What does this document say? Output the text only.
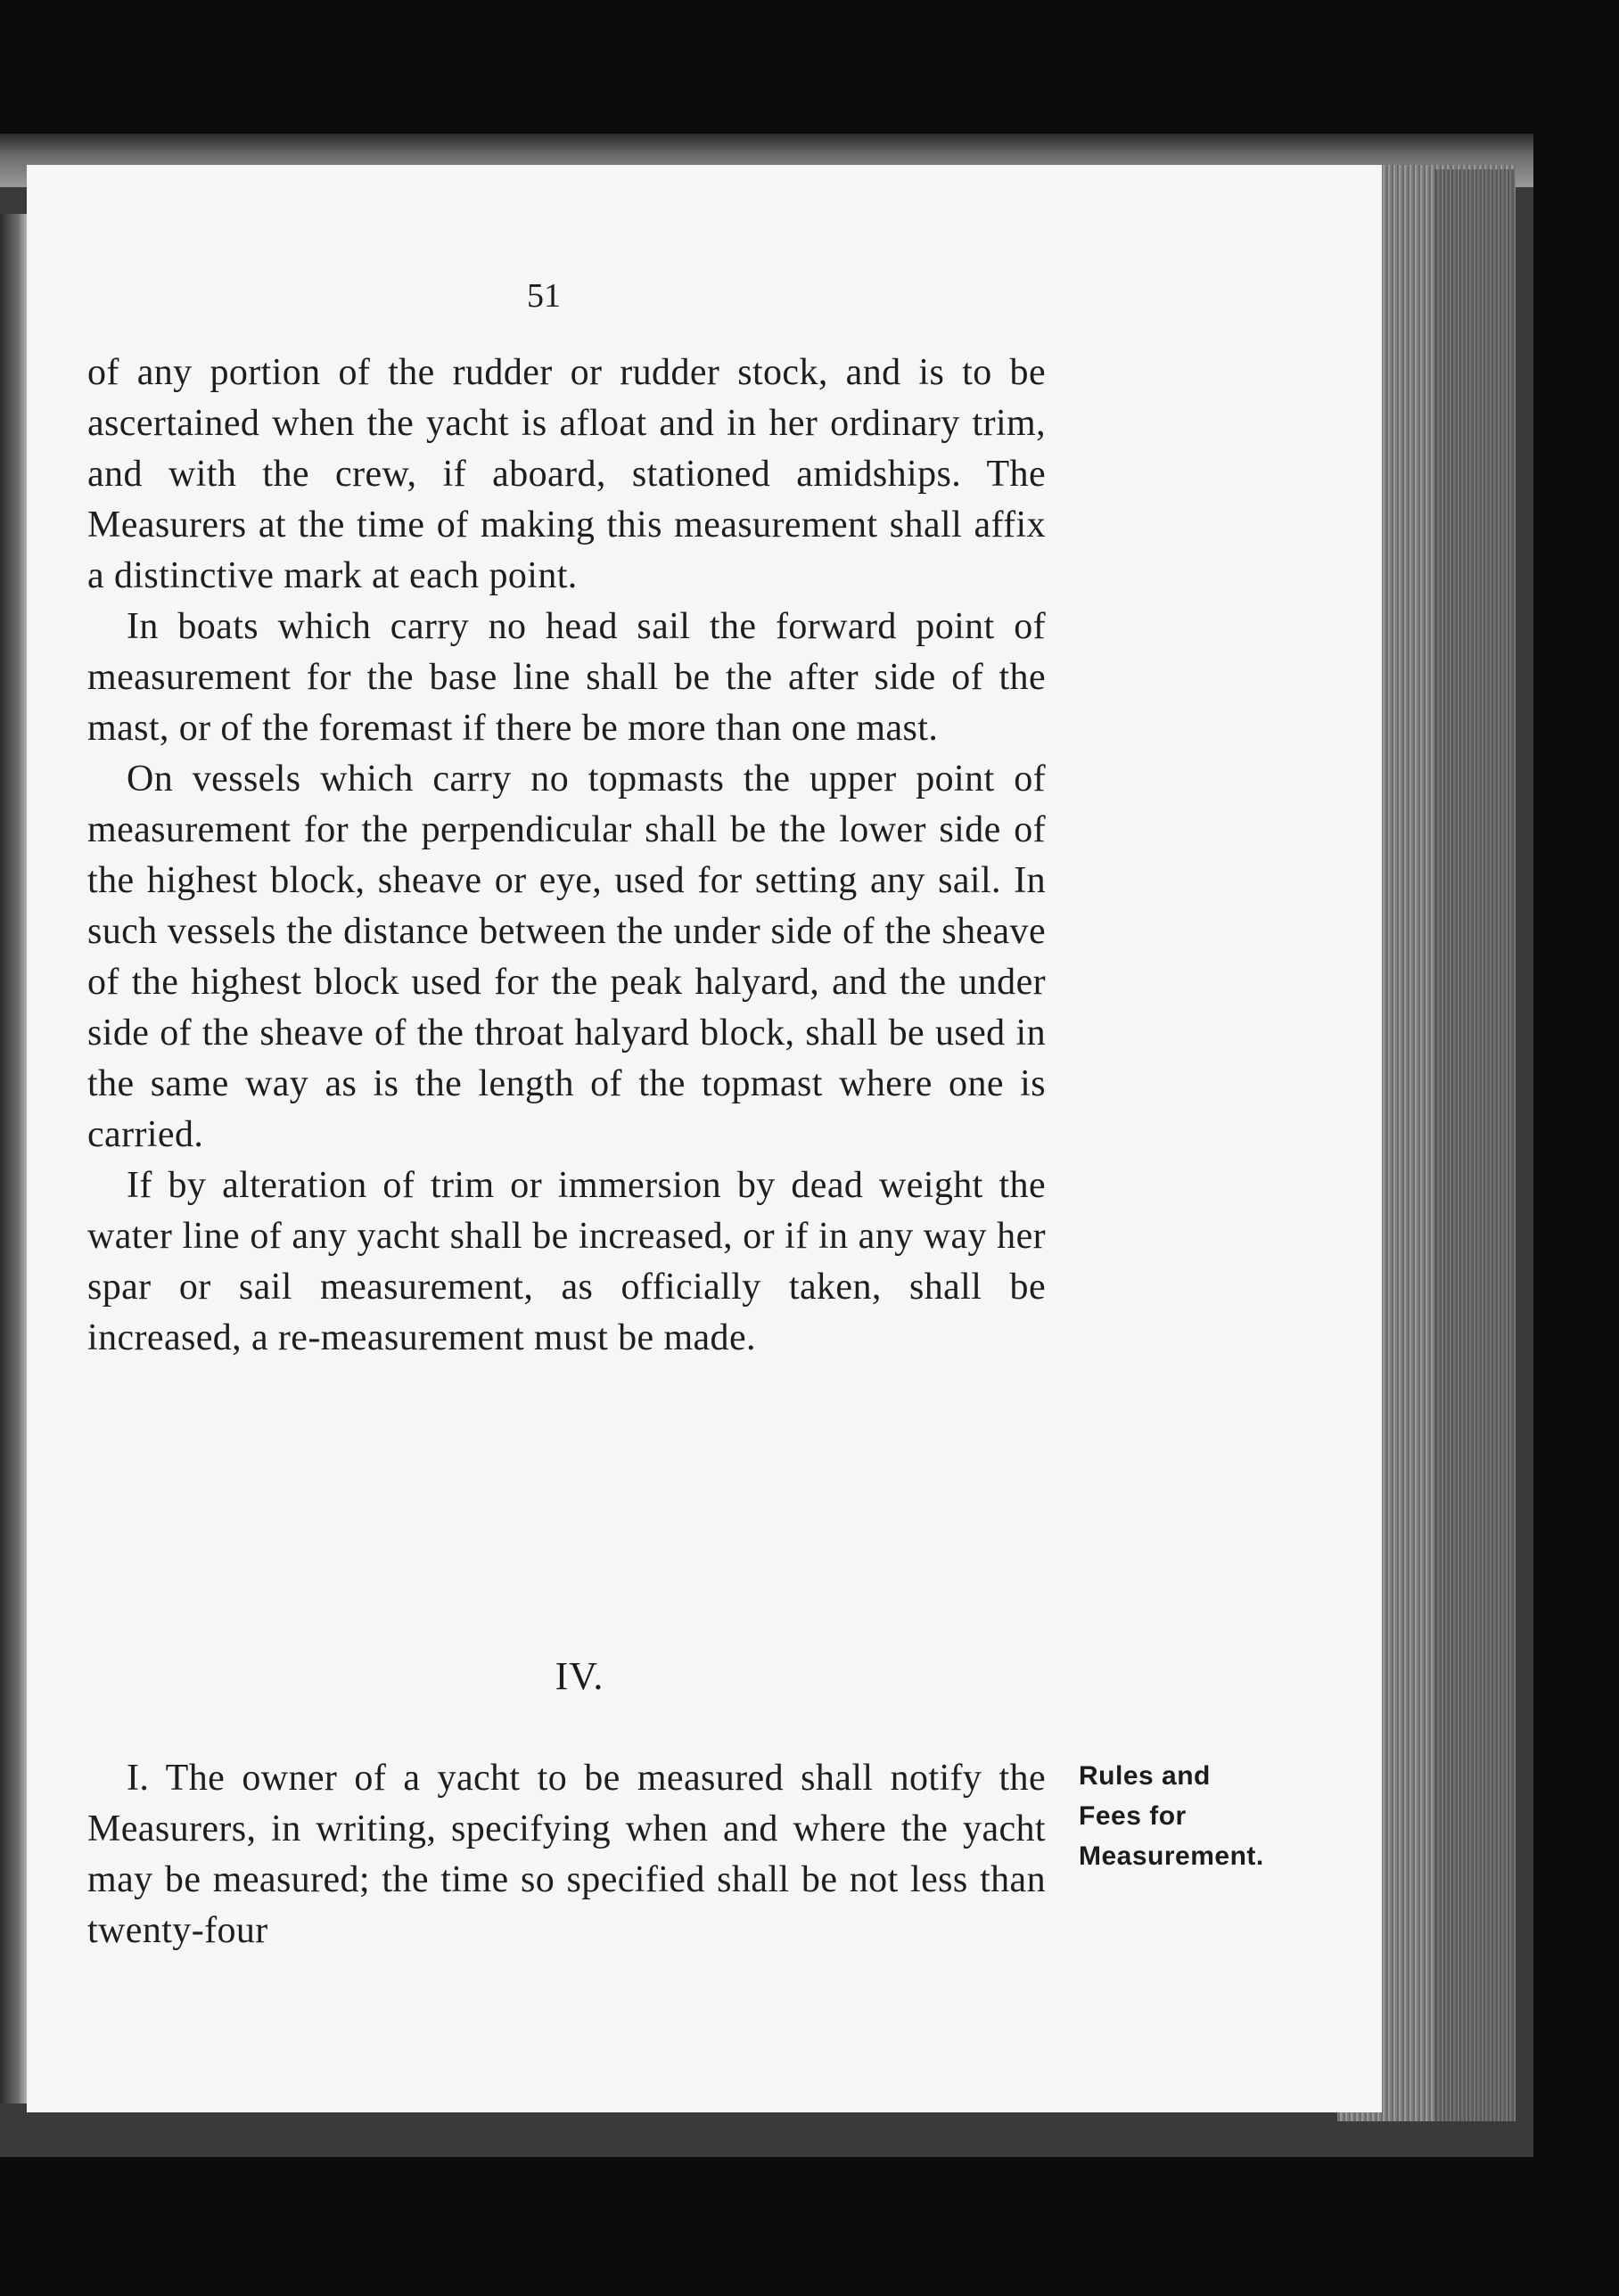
51

of any portion of the rudder or rudder stock, and is to be ascertained when the yacht is afloat and in her ordinary trim, and with the crew, if aboard, stationed amidships. The Measurers at the time of making this measurement shall affix a distinctive mark at each point.

In boats which carry no head sail the forward point of measurement for the base line shall be the after side of the mast, or of the foremast if there be more than one mast.

On vessels which carry no topmasts the upper point of measurement for the perpendicular shall be the lower side of the highest block, sheave or eye, used for setting any sail. In such vessels the distance between the under side of the sheave of the highest block used for the peak halyard, and the under side of the sheave of the throat halyard block, shall be used in the same way as is the length of the topmast where one is carried.

If by alteration of trim or immersion by dead weight the water line of any yacht shall be increased, or if in any way her spar or sail measurement, as officially taken, shall be increased, a re-measurement must be made.

IV.

I. The owner of a yacht to be measured shall notify the Measurers, in writing, specifying when and where the yacht may be measured; the time so specified shall be not less than twenty-four

Rules and
Fees for
Measurement.
